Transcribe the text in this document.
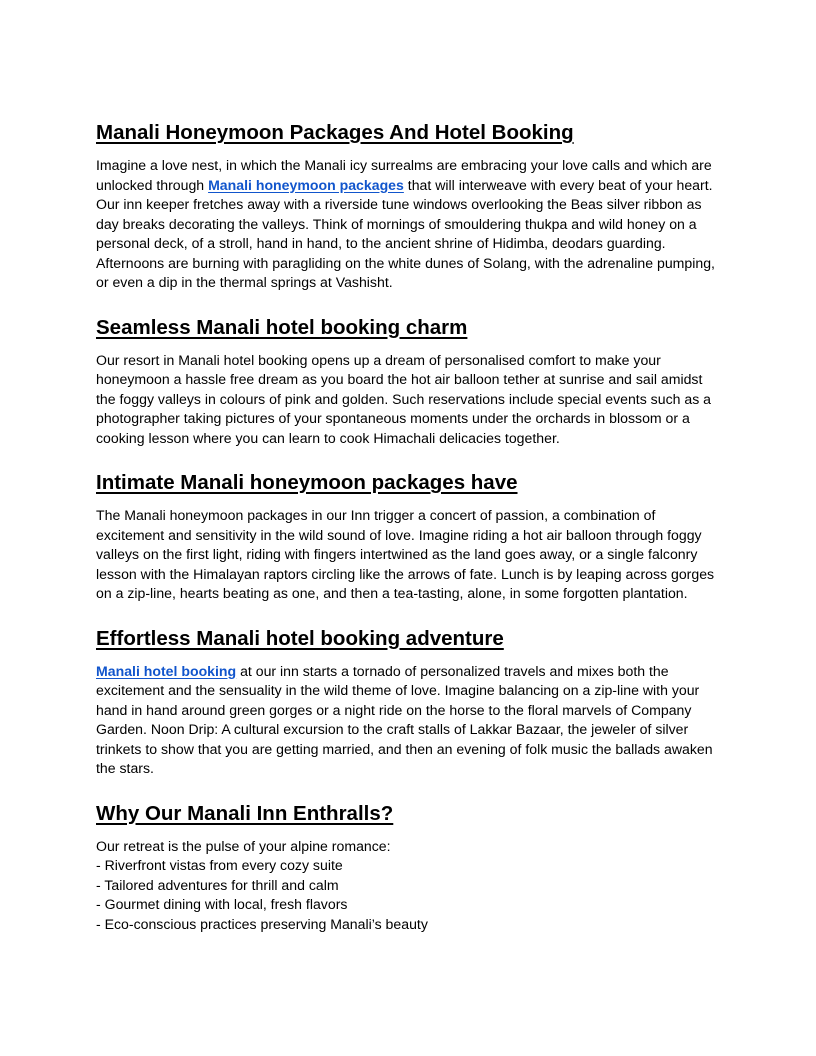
Manali Honeymoon Packages And Hotel Booking

Imagine a love nest, in which the Manali icy surrealms are embracing your love calls and which are unlocked through Manali honeymoon packages that will interweave with every beat of your heart. Our inn keeper fretches away with a riverside tune windows overlooking the Beas silver ribbon as day breaks decorating the valleys. Think of mornings of smouldering thukpa and wild honey on a personal deck, of a stroll, hand in hand, to the ancient shrine of Hidimba, deodars guarding. Afternoons are burning with paragliding on the white dunes of Solang, with the adrenaline pumping, or even a dip in the thermal springs at Vashisht.

Seamless Manali hotel booking charm

Our resort in Manali hotel booking opens up a dream of personalised comfort to make your honeymoon a hassle free dream as you board the hot air balloon tether at sunrise and sail amidst the foggy valleys in colours of pink and golden. Such reservations include special events such as a photographer taking pictures of your spontaneous moments under the orchards in blossom or a cooking lesson where you can learn to cook Himachali delicacies together.

Intimate Manali honeymoon packages have

The Manali honeymoon packages in our Inn trigger a concert of passion, a combination of excitement and sensitivity in the wild sound of love. Imagine riding a hot air balloon through foggy valleys on the first light, riding with fingers intertwined as the land goes away, or a single falconry lesson with the Himalayan raptors circling like the arrows of fate. Lunch is by leaping across gorges on a zip-line, hearts beating as one, and then a tea-tasting, alone, in some forgotten plantation.

Effortless Manali hotel booking adventure

Manali hotel booking at our inn starts a tornado of personalized travels and mixes both the excitement and the sensuality in the wild theme of love. Imagine balancing on a zip-line with your hand in hand around green gorges or a night ride on the horse to the floral marvels of Company Garden. Noon Drip: A cultural excursion to the craft stalls of Lakkar Bazaar, the jeweler of silver trinkets to show that you are getting married, and then an evening of folk music the ballads awaken the stars.

Why Our Manali Inn Enthralls?

Our retreat is the pulse of your alpine romance:

- Riverfront vistas from every cozy suite
- Tailored adventures for thrill and calm
- Gourmet dining with local, fresh flavors
- Eco-conscious practices preserving Manali’s beauty
